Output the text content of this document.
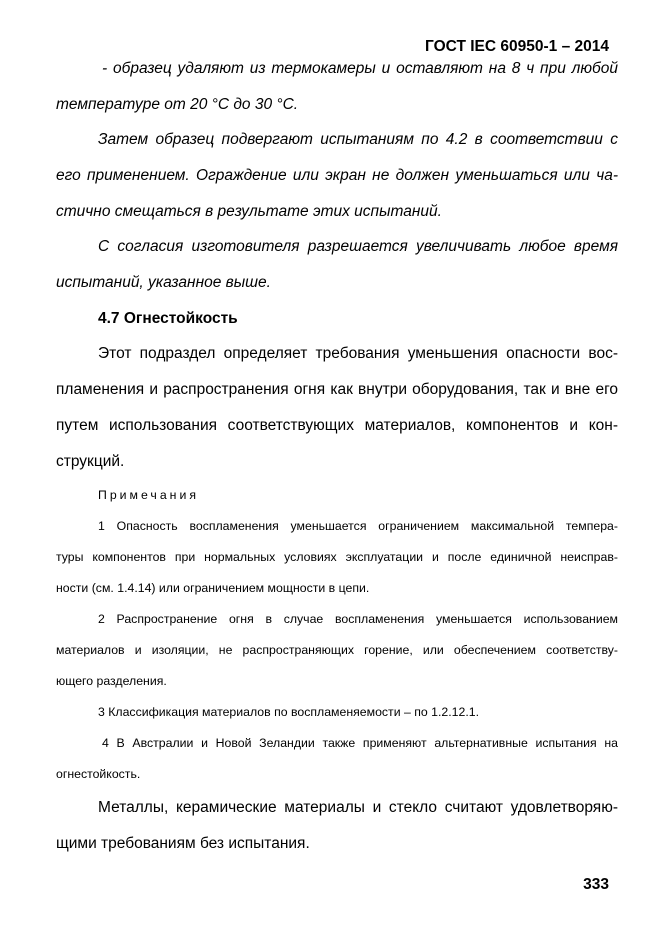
ГОСТ IEC 60950-1 – 2014
- образец удаляют из термокамеры и оставляют на 8 ч при любой
температуре от 20 °С до 30 °С.
Затем образец подвергают испытаниям по 4.2 в соответствии с
его применением. Ограждение или экран не должен уменьшаться или ча-
стично смещаться в результате этих испытаний.
С согласия изготовителя разрешается увеличивать любое время
испытаний, указанное выше.
4.7 Огнестойкость
Этот подраздел определяет требования уменьшения опасности вос-
пламенения и распространения огня как внутри оборудования, так и вне его
путем использования соответствующих материалов, компонентов и кон-
струкций.
Примечания
1 Опасность воспламенения уменьшается ограничением максимальной темпера-
туры компонентов при нормальных условиях эксплуатации и после единичной неисправ-
ности (см. 1.4.14) или ограничением мощности в цепи.
2 Распространение огня в случае воспламенения уменьшается использованием
материалов и изоляции, не распространяющих горение, или обеспечением соответству-
ющего разделения.
3 Классификация материалов по воспламеняемости – по 1.2.12.1.
4 В Австралии и Новой Зеландии также применяют альтернативные испытания на
огнестойкость.
Металлы, керамические материалы и стекло считают удовлетворяю-
щими требованиям без испытания.
333
